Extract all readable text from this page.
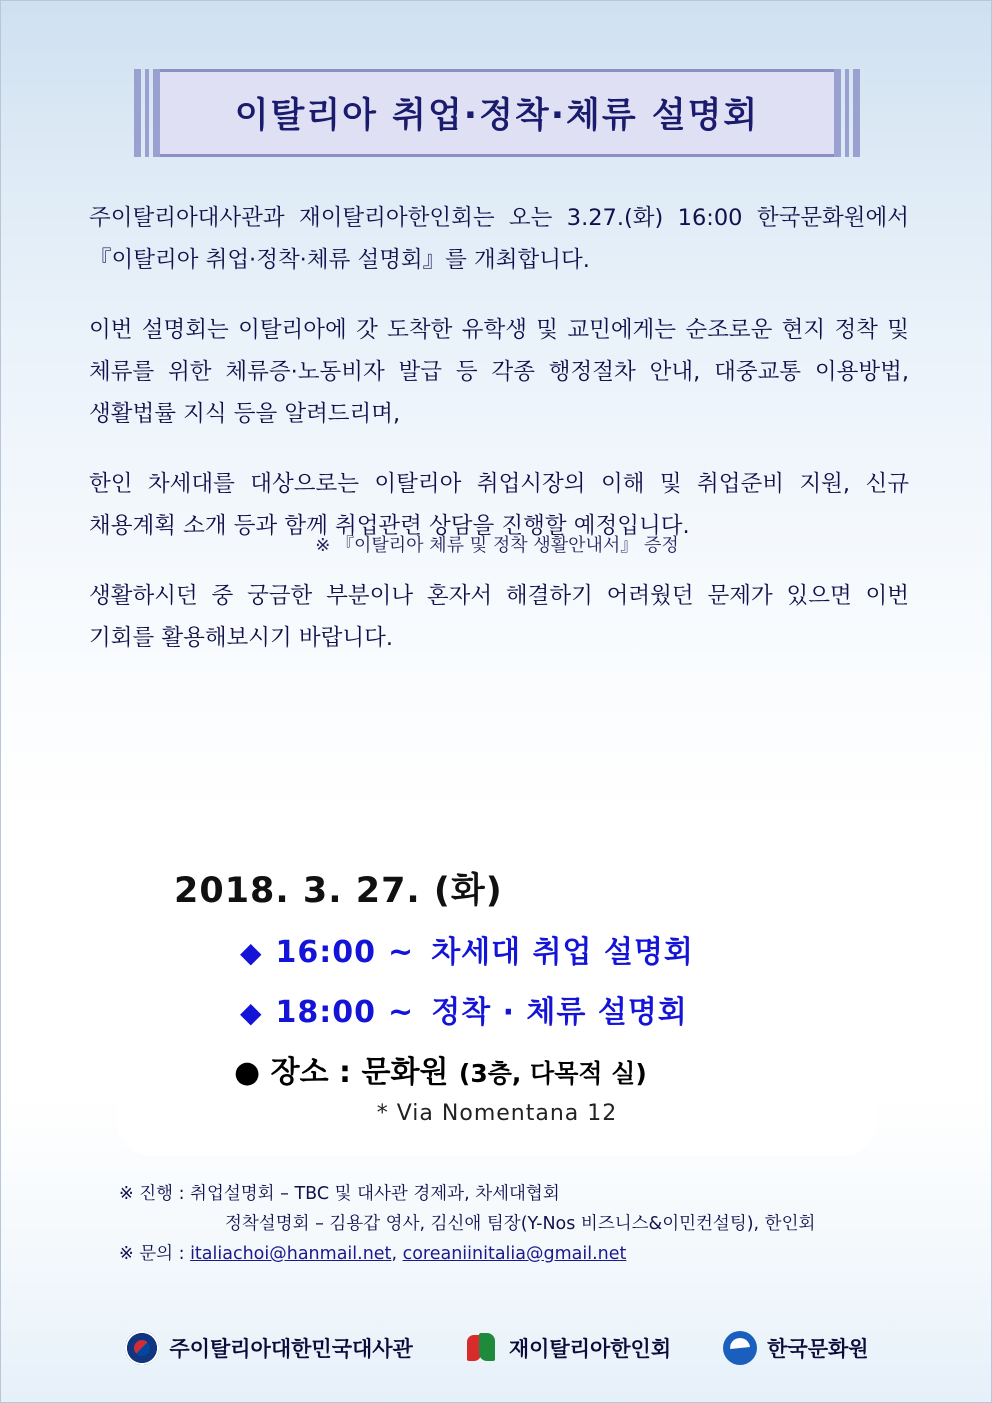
이탈리아 취업·정착·체류 설명회

주이탈리아대사관과 재이탈리아한인회는 오는 3.27.(화) 16:00 한국문화원에서 『이탈리아 취업·정착·체류 설명회』를 개최합니다.

이번 설명회는 이탈리아에 갓 도착한 유학생 및 교민에게는 순조로운 현지 정착 및 체류를 위한 체류증·노동비자 발급 등 각종 행정절차 안내, 대중교통 이용방법, 생활법률 지식 등을 알려드리며,

한인 차세대를 대상으로는 이탈리아 취업시장의 이해 및 취업준비 지원, 신규 채용계획 소개 등과 함께 취업관련 상담을 진행할 예정입니다.

생활하시던 중 궁금한 부분이나 혼자서 해결하기 어려웠던 문제가 있으면 이번 기회를 활용해보시기 바랍니다.

※ 『이탈리아 체류 및 정착 생활안내서』 증정
2018. 3. 27. (화)
◆ 16:00 ~ 차세대 취업 설명회
◆ 18:00 ~ 정착 · 체류 설명회
● 장소 : 문화원 (3층, 다목적 실)
* Via Nomentana 12
※ 진행 : 취업설명회 – TBC 및 대사관 경제과, 차세대협회
정착설명회 – 김용갑 영사, 김신애 팀장(Y-Nos 비즈니스&이민컨설팅), 한인회
※ 문의 : italiachoi@hanmail.net, coreaniinitalia@gmail.net
주이탈리아대한민국대사관	재이탈리아한인회	한국문화원
